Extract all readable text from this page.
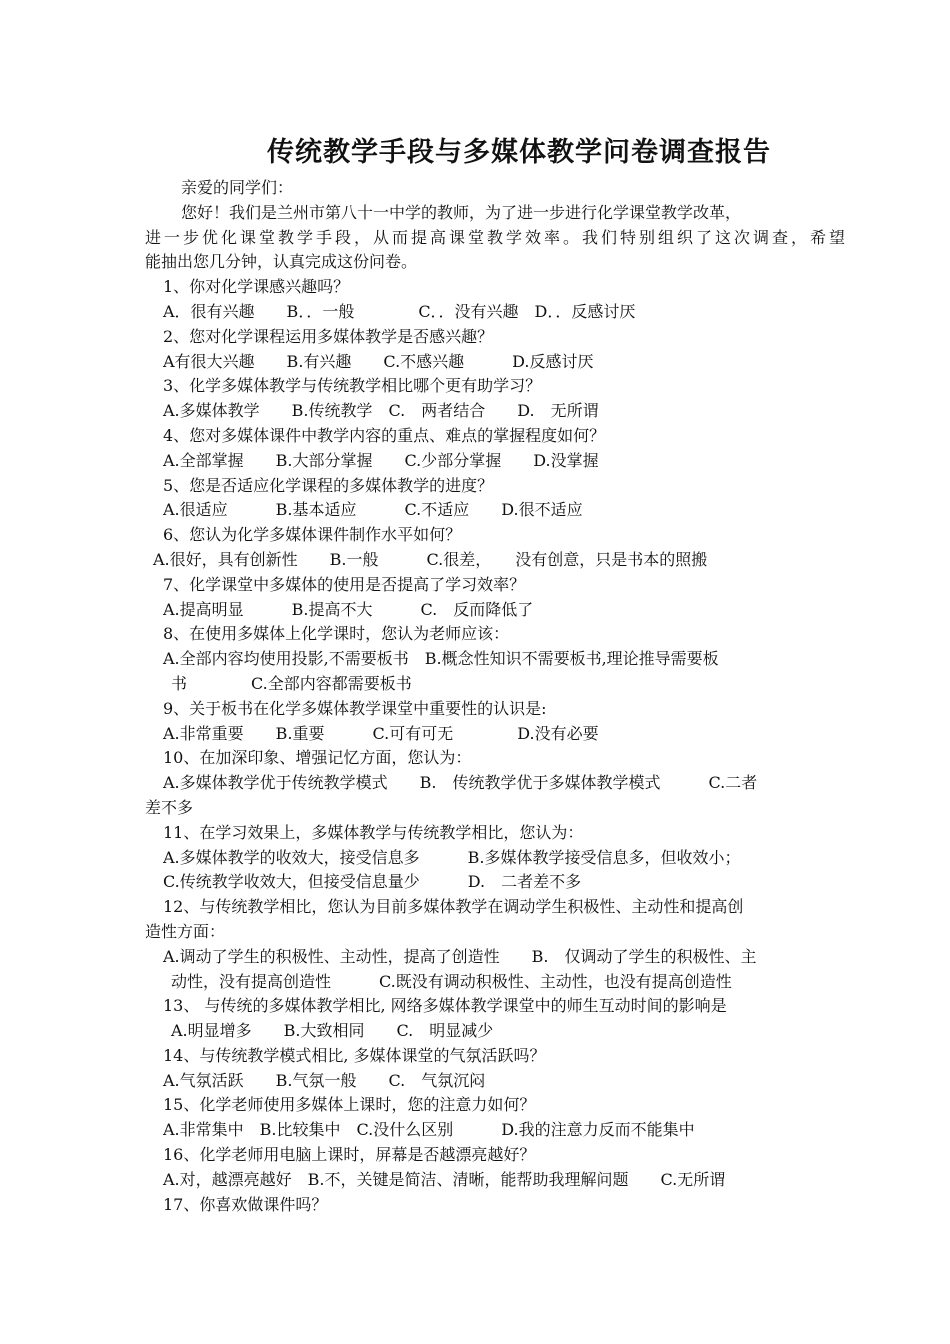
传统教学手段与多媒体教学问卷调查报告
亲爱的同学们：
您好！我们是兰州市第八十一中学的教师，为了进一步进行化学课堂教学改革，
进一步优化课堂教学手段，从而提高课堂教学效率。我们特别组织了这次调查，希望
能抽出您几分钟，认真完成这份问卷。
1、你对化学课感兴趣吗？
A．很有兴趣　　B．．一般　　　　C．．没有兴趣　D．．反感讨厌
2、您对化学课程运用多媒体教学是否感兴趣？
A有很大兴趣　　B.有兴趣　　C.不感兴趣　　　D.反感讨厌
3、化学多媒体教学与传统教学相比哪个更有助学习？
A.多媒体教学　　B.传统教学　C.　两者结合　　D.　无所谓
4、您对多媒体课件中教学内容的重点、难点的掌握程度如何？
A.全部掌握　　B.大部分掌握　　C.少部分掌握　　D.没掌握
5、您是否适应化学课程的多媒体教学的进度？
A.很适应　　　B.基本适应　　　C.不适应　　D.很不适应
6、您认为化学多媒体课件制作水平如何？
A.很好，具有创新性　　B.一般　　　C.很差，　　没有创意，只是书本的照搬
7、化学课堂中多媒体的使用是否提高了学习效率？
A.提高明显　　　B.提高不大　　　C.　反而降低了
8、在使用多媒体上化学课时，您认为老师应该：
A.全部内容均使用投影,不需要板书　B.概念性知识不需要板书,理论推导需要板
书　　　　C.全部内容都需要板书
9、关于板书在化学多媒体教学课堂中重要性的认识是:
A.非常重要　　B.重要　　　C.可有可无　　　　D.没有必要
10、在加深印象、增强记忆方面，您认为：
A.多媒体教学优于传统教学模式　　B.　传统教学优于多媒体教学模式　　　C.二者
差不多
11、在学习效果上，多媒体教学与传统教学相比，您认为：
A.多媒体教学的收效大，接受信息多　　　B.多媒体教学接受信息多，但收效小；
C.传统教学收效大，但接受信息量少　　　D.　二者差不多
12、与传统教学相比，您认为目前多媒体教学在调动学生积极性、主动性和提高创
造性方面：
A.调动了学生的积极性、主动性，提高了创造性　　B.　仅调动了学生的积极性、主
动性，没有提高创造性　　　C.既没有调动积极性、主动性，也没有提高创造性
13、 与传统的多媒体教学相比, 网络多媒体教学课堂中的师生互动时间的影响是
A.明显增多　　B.大致相同　　C.　明显减少
14、与传统教学模式相比, 多媒体课堂的气氛活跃吗？
A.气氛活跃　　B.气氛一般　　C.　气氛沉闷
15、化学老师使用多媒体上课时，您的注意力如何？
A.非常集中　B.比较集中　C.没什么区别　　　D.我的注意力反而不能集中
16、化学老师用电脑上课时，屏幕是否越漂亮越好？
A.对，越漂亮越好　B.不，关键是简洁、清晰，能帮助我理解问题　　C.无所谓
17、你喜欢做课件吗？
